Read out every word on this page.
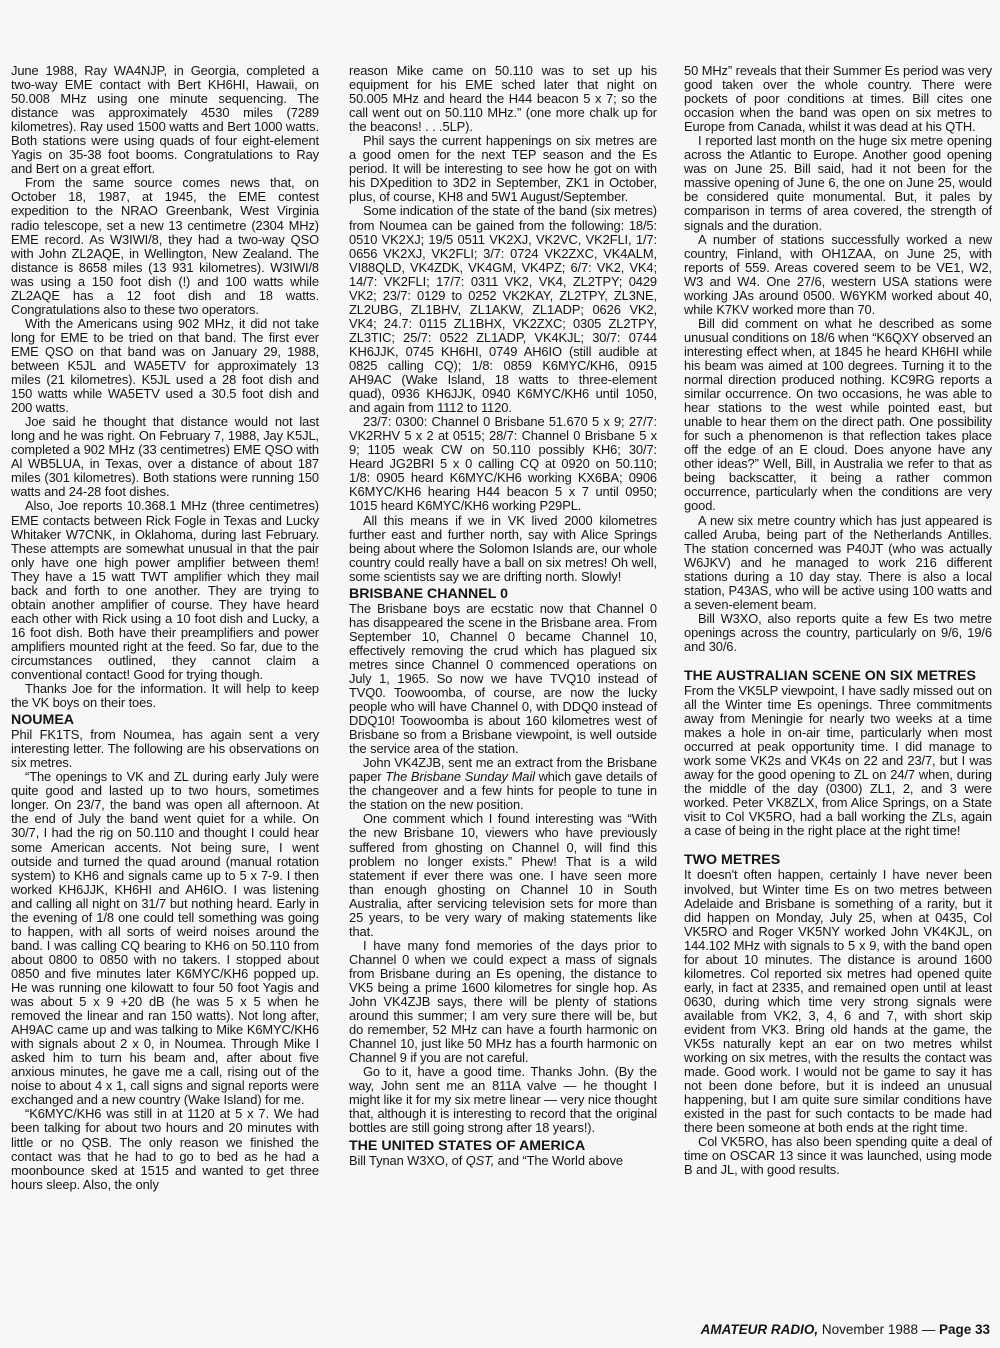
June 1988, Ray WA4NJP, in Georgia, completed a two-way EME contact with Bert KH6HI, Hawaii, on 50.008 MHz using one minute sequencing. The distance was approximately 4530 miles (7289 kilometres). Ray used 1500 watts and Bert 1000 watts. Both stations were using quads of four eight-element Yagis on 35-38 foot booms. Congratulations to Ray and Bert on a great effort.

From the same source comes news that, on October 18, 1987, at 1945, the EME contest expedition to the NRAO Greenbank, West Virginia radio telescope, set a new 13 centimetre (2304 MHz) EME record. As W3IWI/8, they had a two-way QSO with John ZL2AQE, in Wellington, New Zealand. The distance is 8658 miles (13 931 kilometres). W3IWI/8 was using a 150 foot dish (!) and 100 watts while ZL2AQE has a 12 foot dish and 18 watts. Congratulations also to these two operators.

With the Americans using 902 MHz, it did not take long for EME to be tried on that band. The first ever EME QSO on that band was on January 29, 1988, between K5JL and WA5ETV for approximately 13 miles (21 kilometres). K5JL used a 28 foot dish and 150 watts while WA5ETV used a 30.5 foot dish and 200 watts.

Joe said he thought that distance would not last long and he was right. On February 7, 1988, Jay K5JL, completed a 902 MHz (33 centimetres) EME QSO with Al WB5LUA, in Texas, over a distance of about 187 miles (301 kilometres). Both stations were running 150 watts and 24-28 foot dishes.

Also, Joe reports 10.368.1 MHz (three centimetres) EME contacts between Rick Fogle in Texas and Lucky Whitaker W7CNK, in Oklahoma, during last February. These attempts are somewhat unusual in that the pair only have one high power amplifier between them! They have a 15 watt TWT amplifier which they mail back and forth to one another. They are trying to obtain another amplifier of course. They have heard each other with Rick using a 10 foot dish and Lucky, a 16 foot dish. Both have their preamplifiers and power amplifiers mounted right at the feed. So far, due to the circumstances outlined, they cannot claim a conventional contact! Good for trying though.

Thanks Joe for the information. It will help to keep the VK boys on their toes.

NOUMEA

Phil FK1TS, from Noumea, has again sent a very interesting letter. The following are his observations on six metres.

“The openings to VK and ZL during early July were quite good and lasted up to two hours, sometimes longer. On 23/7, the band was open all afternoon. At the end of July the band went quiet for a while. On 30/7, I had the rig on 50.110 and thought I could hear some American accents. Not being sure, I went outside and turned the quad around (manual rotation system) to KH6 and signals came up to 5 x 7-9. I then worked KH6JJK, KH6HI and AH6IO. I was listening and calling all night on 31/7 but nothing heard. Early in the evening of 1/8 one could tell something was going to happen, with all sorts of weird noises around the band. I was calling CQ bearing to KH6 on 50.110 from about 0800 to 0850 with no takers. I stopped about 0850 and five minutes later K6MYC/KH6 popped up. He was running one kilowatt to four 50 foot Yagis and was about 5 x 9 +20 dB (he was 5 x 5 when he removed the linear and ran 150 watts). Not long after, AH9AC came up and was talking to Mike K6MYC/KH6 with signals about 2 x 0, in Noumea. Through Mike I asked him to turn his beam and, after about five anxious minutes, he gave me a call, rising out of the noise to about 4 x 1, call signs and signal reports were exchanged and a new country (Wake Island) for me.

“K6MYC/KH6 was still in at 1120 at 5 x 7. We had been talking for about two hours and 20 minutes with little or no QSB. The only reason we finished the contact was that he had to go to bed as he had a moonbounce sked at 1515 and wanted to get three hours sleep. Also, the only

reason Mike came on 50.110 was to set up his equipment for his EME sched later that night on 50.005 MHz and heard the H44 beacon 5 x 7; so the call went out on 50.110 MHz.” (one more chalk up for the beacons! . . .5LP).

Phil says the current happenings on six metres are a good omen for the next TEP season and the Es period. It will be interesting to see how he got on with his DXpedition to 3D2 in September, ZK1 in October, plus, of course, KH8 and 5W1 August/September.

Some indication of the state of the band (six metres) from Noumea can be gained from the following: 18/5: 0510 VK2XJ; 19/5 0511 VK2XJ, VK2VC, VK2FLI, 1/7: 0656 VK2XJ, VK2FLI; 3/7: 0724 VK2ZXC, VK4ALM, VI88QLD, VK4ZDK, VK4GM, VK4PZ; 6/7: VK2, VK4; 14/7: VK2FLI; 17/7: 0311 VK2, VK4, ZL2TPY; 0429 VK2; 23/7: 0129 to 0252 VK2KAY, ZL2TPY, ZL3NE, ZL2UBG, ZL1BHV, ZL1AKW, ZL1ADP; 0626 VK2, VK4; 24.7: 0115 ZL1BHX, VK2ZXC; 0305 ZL2TPY, ZL3TIC; 25/7: 0522 ZL1ADP, VK4KJL; 30/7: 0744 KH6JJK, 0745 KH6HI, 0749 AH6IO (still audible at 0825 calling CQ); 1/8: 0859 K6MYC/KH6, 0915 AH9AC (Wake Island, 18 watts to three-element quad), 0936 KH6JJK, 0940 K6MYC/KH6 until 1050, and again from 1112 to 1120.

23/7: 0300: Channel 0 Brisbane 51.670 5 x 9; 27/7: VK2RHV 5 x 2 at 0515; 28/7: Channel 0 Brisbane 5 x 9; 1105 weak CW on 50.110 possibly KH6; 30/7: Heard JG2BRI 5 x 0 calling CQ at 0920 on 50.110; 1/8: 0905 heard K6MYC/KH6 working KX6BA; 0906 K6MYC/KH6 hearing H44 beacon 5 x 7 until 0950; 1015 heard K6MYC/KH6 working P29PL.

All this means if we in VK lived 2000 kilometres further east and further north, say with Alice Springs being about where the Solomon Islands are, our whole country could really have a ball on six metres! Oh well, some scientists say we are drifting north. Slowly!

BRISBANE CHANNEL 0

The Brisbane boys are ecstatic now that Channel 0 has disappeared the scene in the Brisbane area. From September 10, Channel 0 became Channel 10, effectively removing the crud which has plagued six metres since Channel 0 commenced operations on July 1, 1965. So now we have TVQ10 instead of TVQ0. Toowoomba, of course, are now the lucky people who will have Channel 0, with DDQ0 instead of DDQ10! Toowoomba is about 160 kilometres west of Brisbane so from a Brisbane viewpoint, is well outside the service area of the station.

John VK4ZJB, sent me an extract from the Brisbane paper The Brisbane Sunday Mail which gave details of the changeover and a few hints for people to tune in the station on the new position.

One comment which I found interesting was “With the new Brisbane 10, viewers who have previously suffered from ghosting on Channel 0, will find this problem no longer exists.” Phew! That is a wild statement if ever there was one. I have seen more than enough ghosting on Channel 10 in South Australia, after servicing television sets for more than 25 years, to be very wary of making statements like that.

I have many fond memories of the days prior to Channel 0 when we could expect a mass of signals from Brisbane during an Es opening, the distance to VK5 being a prime 1600 kilometres for single hop. As John VK4ZJB says, there will be plenty of stations around this summer; I am very sure there will be, but do remember, 52 MHz can have a fourth harmonic on Channel 10, just like 50 MHz has a fourth harmonic on Channel 9 if you are not careful.

Go to it, have a good time. Thanks John. (By the way, John sent me an 811A valve — he thought I might like it for my six metre linear — very nice thought that, although it is interesting to record that the original bottles are still going strong after 18 years!).

THE UNITED STATES OF AMERICA

Bill Tynan W3XO, of QST, and “The World above

50 MHz” reveals that their Summer Es period was very good taken over the whole country. There were pockets of poor conditions at times. Bill cites one occasion when the band was open on six metres to Europe from Canada, whilst it was dead at his QTH.

I reported last month on the huge six metre opening across the Atlantic to Europe. Another good opening was on June 25. Bill said, had it not been for the massive opening of June 6, the one on June 25, would be considered quite monumental. But, it pales by comparison in terms of area covered, the strength of signals and the duration.

A number of stations successfully worked a new country, Finland, with OH1ZAA, on June 25, with reports of 559. Areas covered seem to be VE1, W2, W3 and W4. One 27/6, western USA stations were working JAs around 0500. W6YKM worked about 40, while K7KV worked more than 70.

Bill did comment on what he described as some unusual conditions on 18/6 when “K6QXY observed an interesting effect when, at 1845 he heard KH6HI while his beam was aimed at 100 degrees. Turning it to the normal direction produced nothing. KC9RG reports a similar occurrence. On two occasions, he was able to hear stations to the west while pointed east, but unable to hear them on the direct path. One possibility for such a phenomenon is that reflection takes place off the edge of an E cloud. Does anyone have any other ideas?” Well, Bill, in Australia we refer to that as being backscatter, it being a rather common occurrence, particularly when the conditions are very good.

A new six metre country which has just appeared is called Aruba, being part of the Netherlands Antilles. The station concerned was P40JT (who was actually W6JKV) and he managed to work 216 different stations during a 10 day stay. There is also a local station, P43AS, who will be active using 100 watts and a seven-element beam.

Bill W3XO, also reports quite a few Es two metre openings across the country, particularly on 9/6, 19/6 and 30/6.

THE AUSTRALIAN SCENE ON SIX METRES

From the VK5LP viewpoint, I have sadly missed out on all the Winter time Es openings. Three commitments away from Meningie for nearly two weeks at a time makes a hole in on-air time, particularly when most occurred at peak opportunity time. I did manage to work some VK2s and VK4s on 22 and 23/7, but I was away for the good opening to ZL on 24/7 when, during the middle of the day (0300) ZL1, 2, and 3 were worked. Peter VK8ZLX, from Alice Springs, on a State visit to Col VK5RO, had a ball working the ZLs, again a case of being in the right place at the right time!

TWO METRES

It doesn't often happen, certainly I have never been involved, but Winter time Es on two metres between Adelaide and Brisbane is something of a rarity, but it did happen on Monday, July 25, when at 0435, Col VK5RO and Roger VK5NY worked John VK4KJL, on 144.102 MHz with signals to 5 x 9, with the band open for about 10 minutes. The distance is around 1600 kilometres. Col reported six metres had opened quite early, in fact at 2335, and remained open until at least 0630, during which time very strong signals were available from VK2, 3, 4, 6 and 7, with short skip evident from VK3. Bring old hands at the game, the VK5s naturally kept an ear on two metres whilst working on six metres, with the results the contact was made. Good work. I would not be game to say it has not been done before, but it is indeed an unusual happening, but I am quite sure similar conditions have existed in the past for such contacts to be made had there been someone at both ends at the right time.

Col VK5RO, has also been spending quite a deal of time on OSCAR 13 since it was launched, using mode B and JL, with good results.

AMATEUR RADIO, November 1988 — Page 33
